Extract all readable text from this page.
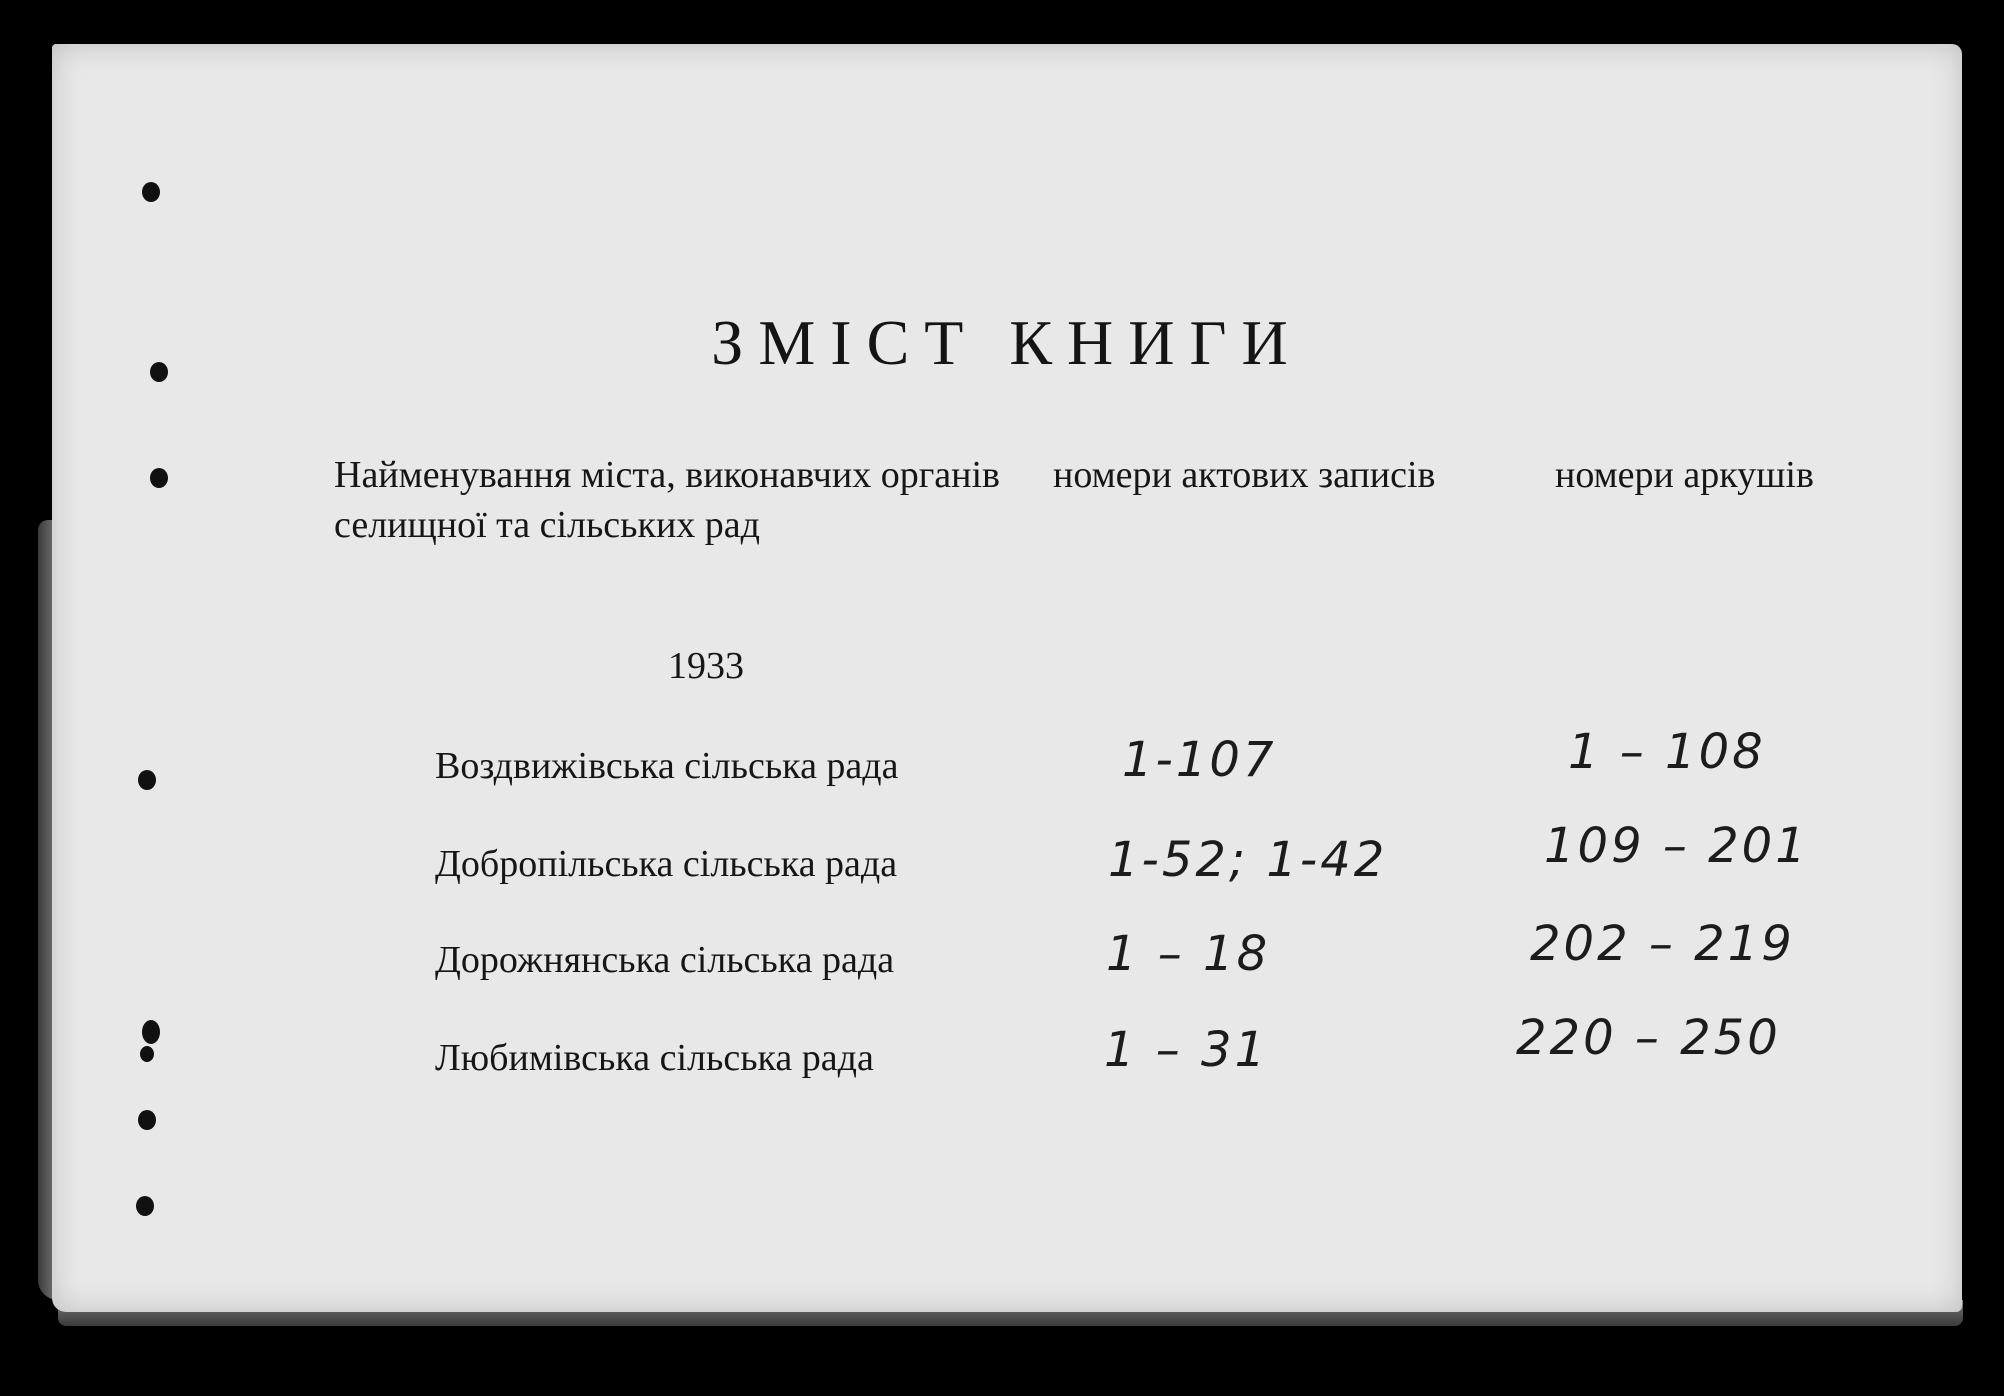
ЗМІСТ КНИГИ
Найменування міста, виконавчих органів селищної та сільських рад
номери актових записів	номери аркушів
1933
Воздвижівська сільська рада	1-107	1 – 108
Добропільська сільська рада	1-52; 1-42	109 – 201
Дорожнянська сільська рада	1 – 18	202 – 219
Любимівська сільська рада	1 – 31	220 – 250
